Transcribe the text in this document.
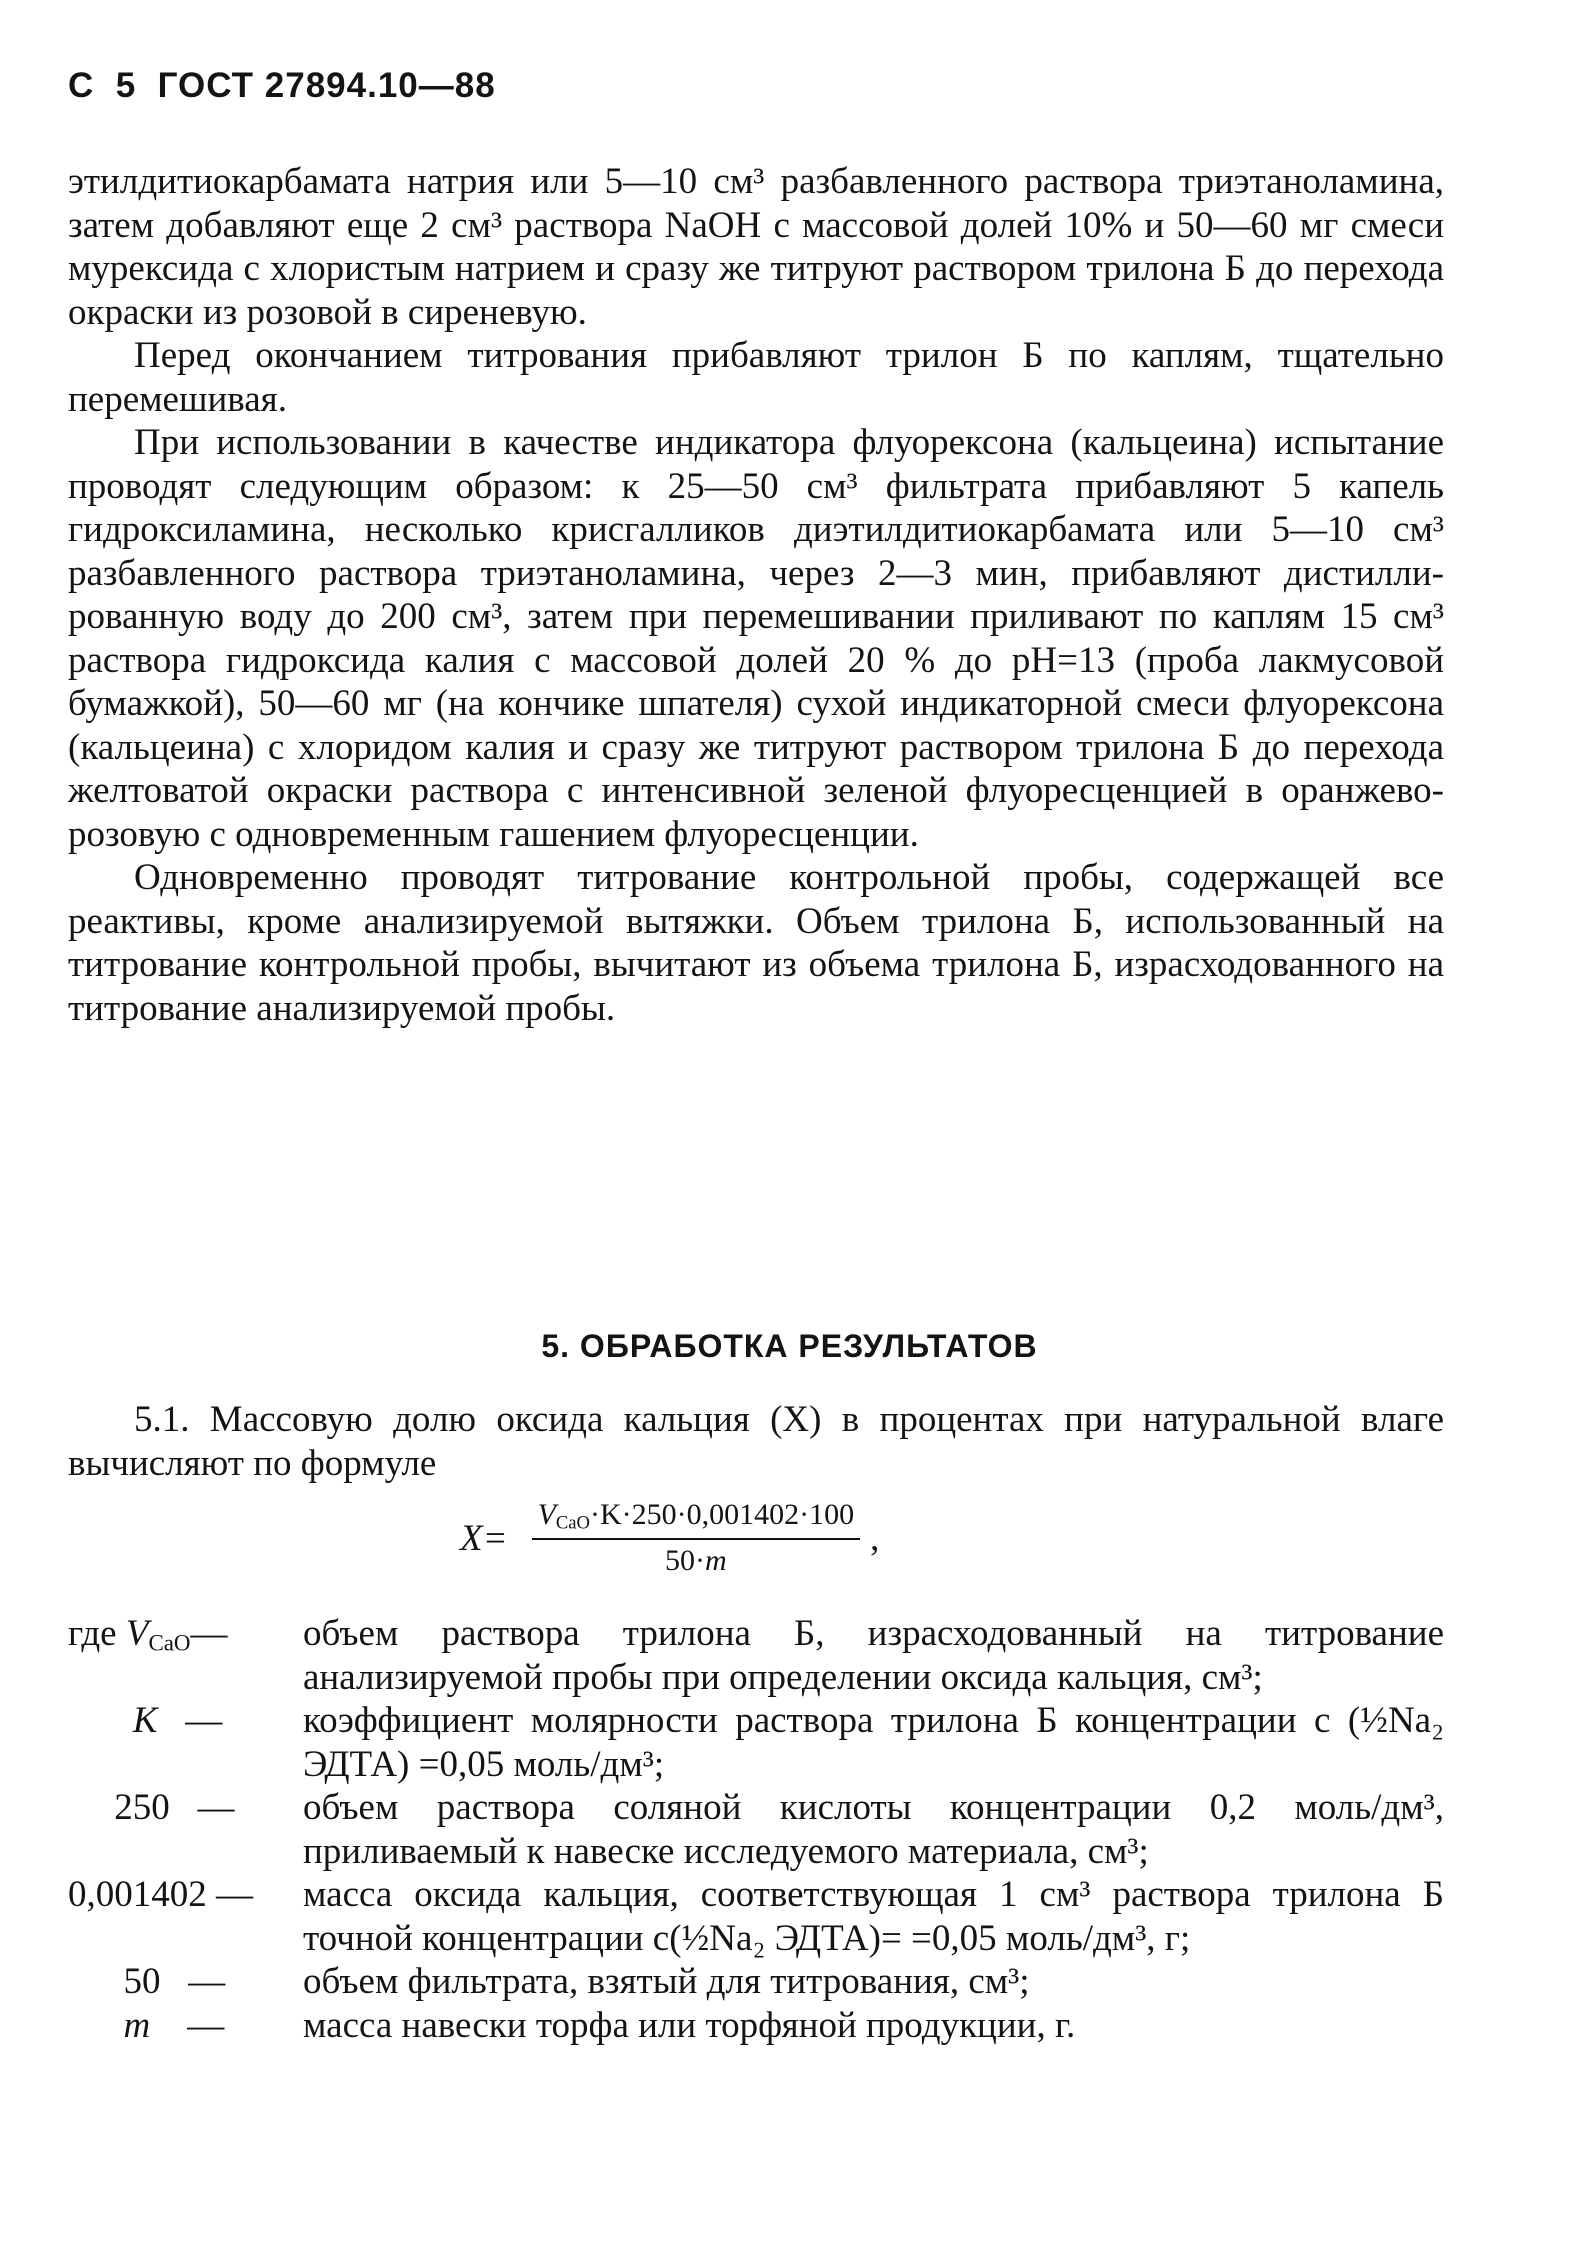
С 5 ГОСТ 27894.10—88

этилдитиокарбамата натрия или 5—10 см³ разбавленного раствора триэтаноламина, затем добавляют еще 2 см³ раствора NaOH с массовой долей 10% и 50—60 мг смеси мурексида с хлористым натрием и сразу же титруют раствором трилона Б до перехода окраски из розовой в сиреневую.

Перед окончанием титрования прибавляют трилон Б по каплям, тщательно перемешивая.

При использовании в качестве индикатора флуорексона (кальцеина) испытание проводят следующим образом: к 25—50 см³ фильтрата прибавляют 5 капель гидроксиламина, несколько крисгалликов диэтилдитиокарбамата или 5—10 см³ разбавленного раствора триэтаноламина, через 2—3 мин, прибавляют дистиллированную воду до 200 см³, затем при перемешивании приливают по каплям 15 см³ раствора гидроксида калия с массовой долей 20 % до pH=13 (проба лакмусовой бумажкой), 50—60 мг (на кончике шпателя) сухой индикаторной смеси флуорексона (кальцеина) с хлоридом калия и сразу же титруют раствором трилона Б до перехода желтоватой окраски раствора с интенсивной зеленой флуоресценцией в оранжево-розовую с одновременным гашением флуоресценции.

Одновременно проводят титрование контрольной пробы, содержащей все реактивы, кроме анализируемой вытяжки. Объем трилона Б, использованный на титрование контрольной пробы, вычитают из объема трилона Б, израсходованного на титрование анализируемой пробы.

5. ОБРАБОТКА РЕЗУЛЬТАТОВ
5.1. Массовую долю оксида кальция (X) в процентах при натуральной влаге вычисляют по формуле
$X= \frac{V_{CaO}\cdot K\cdot 250\cdot 0,001402\cdot 100}{50\cdot m}$ ,
где $V_{CaO}—$	объем раствора трилона Б, израсходованный на титрование анализируемой пробы при определении оксида кальция, см³;
K —	коэффициент молярности раствора трилона Б концентрации c (½Na₂ ЭДТА) =0,05 моль/дм³;
250 —	объем раствора соляной кислоты концентрации 0,2 моль/дм³, приливаемый к навеске исследуемого материала, см³;
0,001402 —	масса оксида кальция, соответствующая 1 см³ раствора трилона Б точной концентрации c(½Na₂ ЭДТА)= =0,05 моль/дм³, г;
50 —	объем фильтрата, взятый для титрования, см³;
m —	масса навески торфа или торфяной продукции, г.
